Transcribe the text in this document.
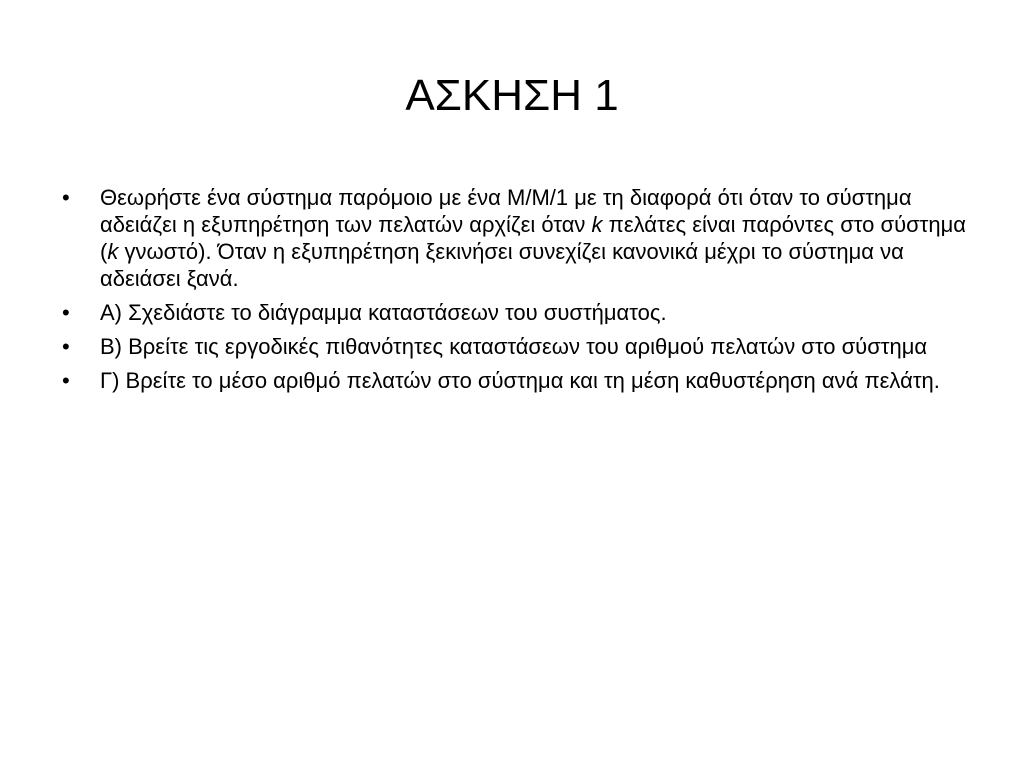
ΑΣΚΗΣΗ 1
•	Θεωρήστε ένα σύστημα παρόμοιο με ένα Μ/Μ/1 με τη διαφορά ότι όταν το σύστημα αδειάζει η εξυπηρέτηση των πελατών αρχίζει όταν k πελάτες είναι παρόντες στο σύστημα (k γνωστό). Όταν η εξυπηρέτηση ξεκινήσει συνεχίζει κανονικά μέχρι το σύστημα να αδειάσει ξανά.
•	Α) Σχεδιάστε το διάγραμμα καταστάσεων του συστήματος.
•	Β) Βρείτε τις εργοδικές πιθανότητες καταστάσεων του αριθμού πελατών στο σύστημα
•	Γ) Βρείτε το μέσο αριθμό πελατών στο σύστημα και τη μέση καθυστέρηση ανά πελάτη.
